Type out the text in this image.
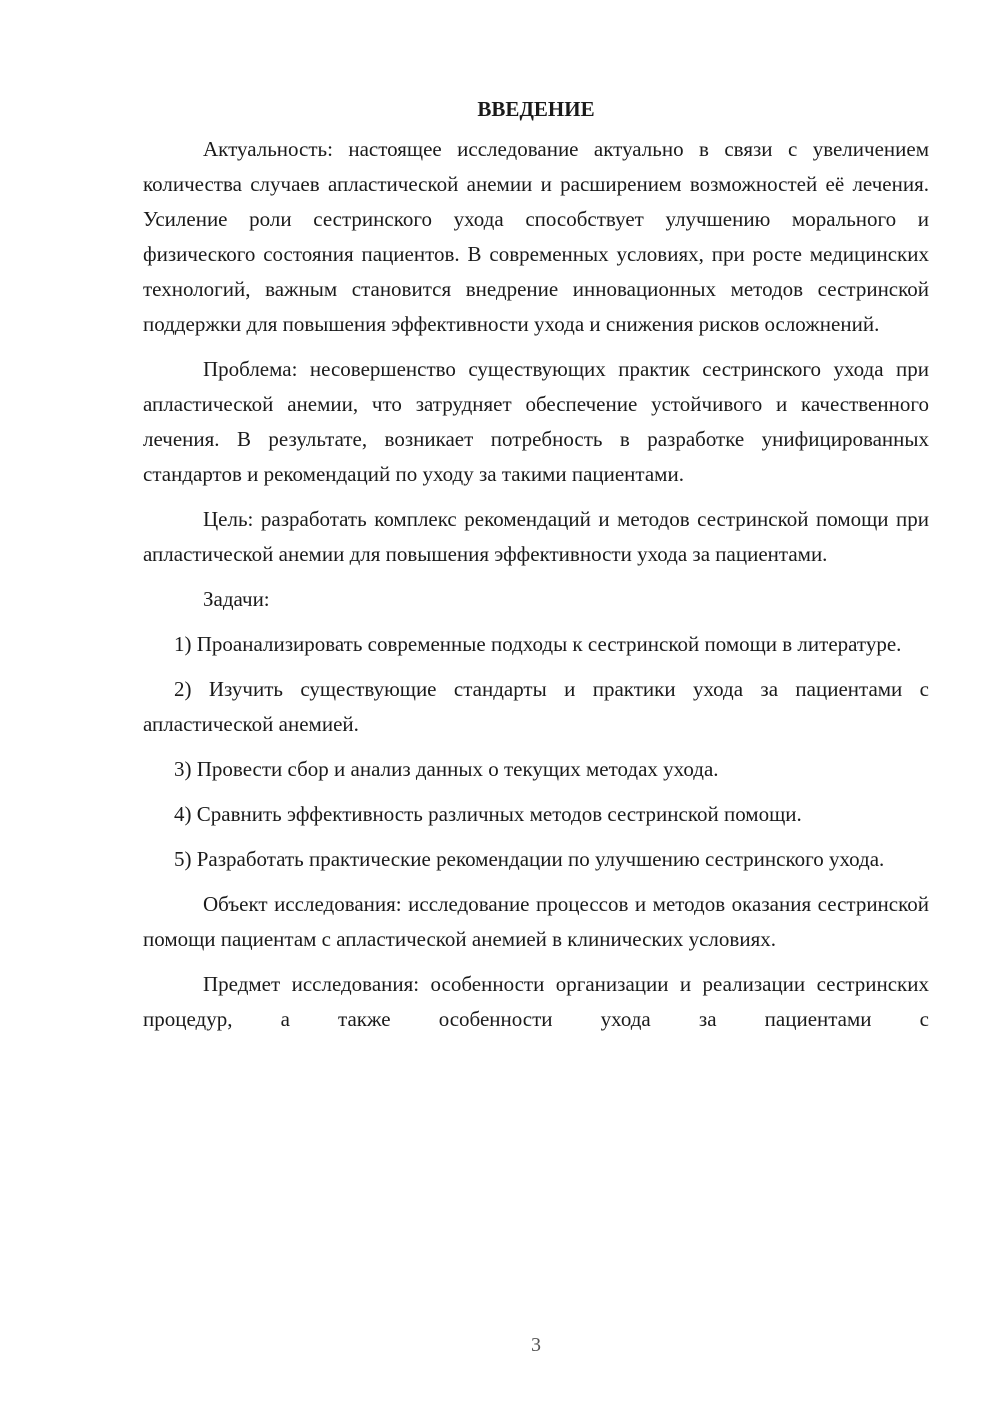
ВВЕДЕНИЕ

Актуальность: настоящее исследование актуально в связи с увеличением количества случаев апластической анемии и расширением возможностей её лечения. Усиление роли сестринского ухода способствует улучшению морального и физического состояния пациентов. В современных условиях, при росте медицинских технологий, важным становится внедрение инновационных методов сестринской поддержки для повышения эффективности ухода и снижения рисков осложнений.

Проблема: несовершенство существующих практик сестринского ухода при апластической анемии, что затрудняет обеспечение устойчивого и качественного лечения. В результате, возникает потребность в разработке унифицированных стандартов и рекомендаций по уходу за такими пациентами.

Цель: разработать комплекс рекомендаций и методов сестринской помощи при апластической анемии для повышения эффективности ухода за пациентами.

Задачи:

1) Проанализировать современные подходы к сестринской помощи в литературе.

2) Изучить существующие стандарты и практики ухода за пациентами с апластической анемией.

3) Провести сбор и анализ данных о текущих методах ухода.

4) Сравнить эффективность различных методов сестринской помощи.

5) Разработать практические рекомендации по улучшению сестринского ухода.

Объект исследования: исследование процессов и методов оказания сестринской помощи пациентам с апластической анемией в клинических условиях.

Предмет исследования: особенности организации и реализации сестринских процедур, а также особенности ухода за пациентами с

3
